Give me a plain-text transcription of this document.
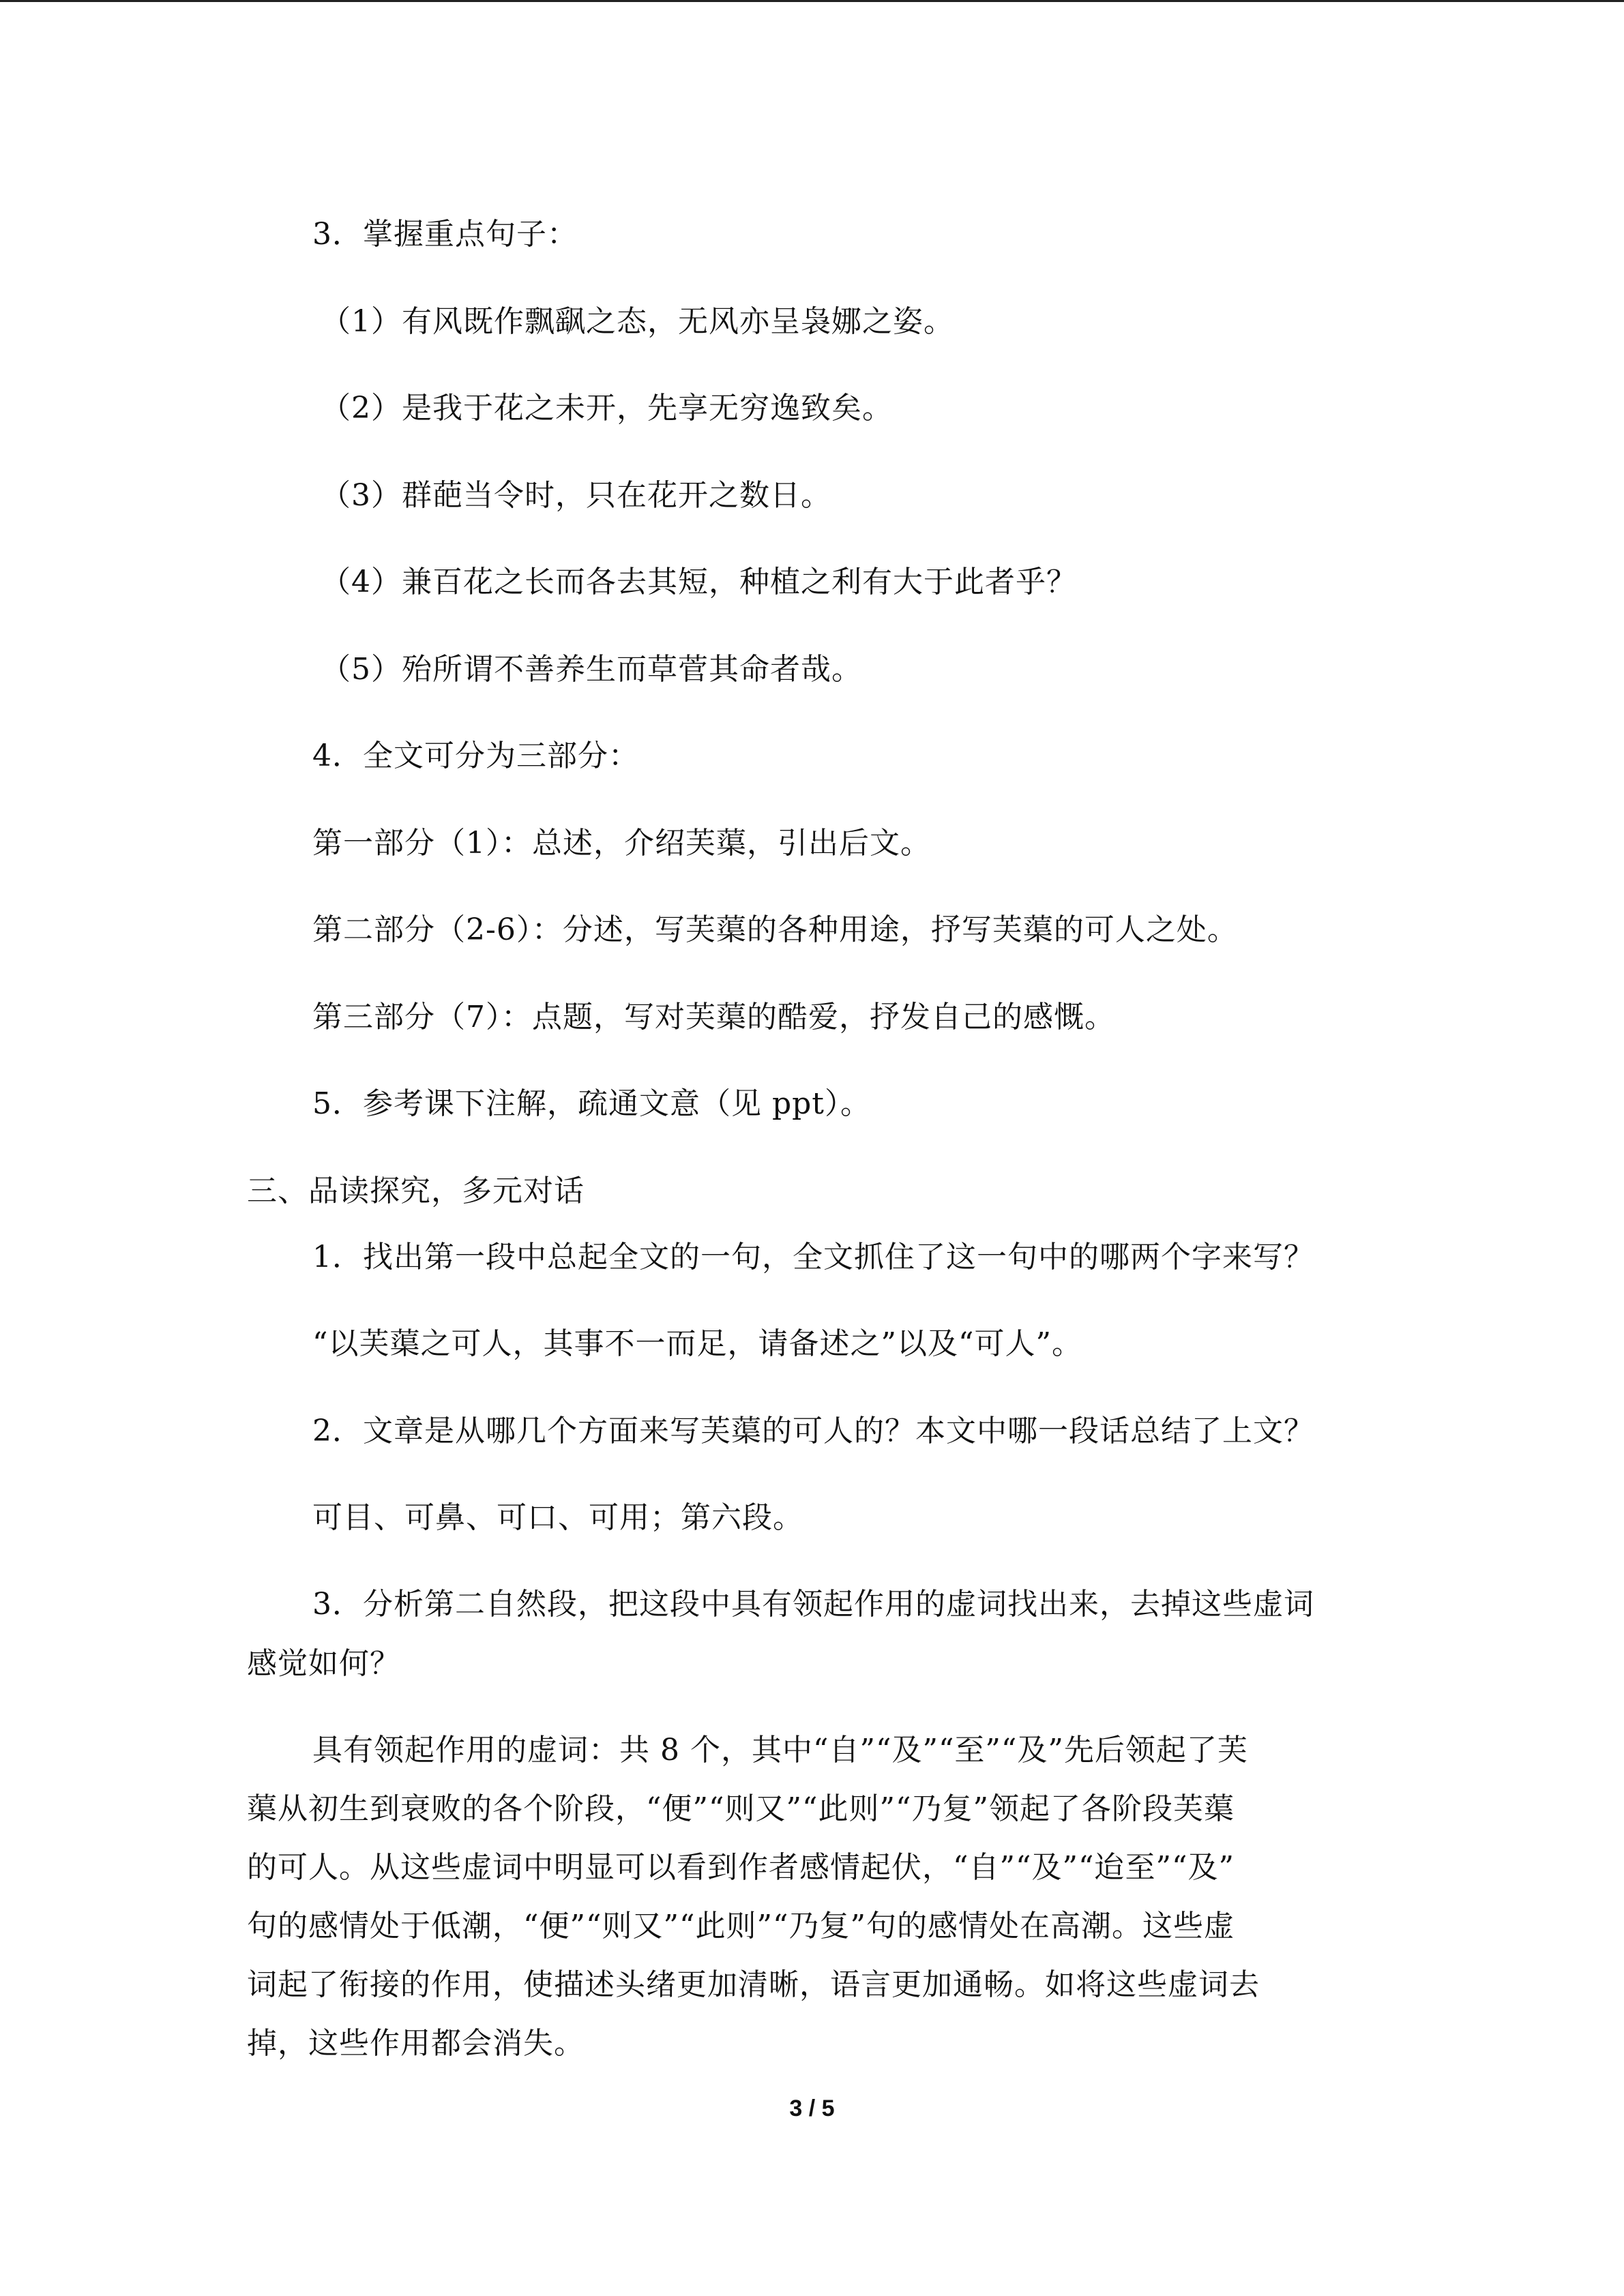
3．掌握重点句子：
（1）有风既作飘飖之态，无风亦呈袅娜之姿。
（2）是我于花之未开，先享无穷逸致矣。
（3）群葩当令时，只在花开之数日。
（4）兼百花之长而各去其短，种植之利有大于此者乎？
（5）殆所谓不善养生而草菅其命者哉。
4．全文可分为三部分：
第一部分（1）：总述，介绍芙蕖，引出后文。
第二部分（2-6）：分述，写芙蕖的各种用途，抒写芙蕖的可人之处。
第三部分（7）：点题，写对芙蕖的酷爱，抒发自己的感慨。
5．参考课下注解，疏通文意（见 ppt）。
三、品读探究，多元对话
1．找出第一段中总起全文的一句，全文抓住了这一句中的哪两个字来写？
“以芙蕖之可人，其事不一而足，请备述之”以及“可人”。
2．文章是从哪几个方面来写芙蕖的可人的？本文中哪一段话总结了上文？
可目、可鼻、可口、可用；第六段。
3．分析第二自然段，把这段中具有领起作用的虚词找出来，去掉这些虚词
感觉如何？
具有领起作用的虚词：共 8 个，其中“自”“及”“至”“及”先后领起了芙
蕖从初生到衰败的各个阶段，“便”“则又”“此则”“乃复”领起了各阶段芙蕖
的可人。从这些虚词中明显可以看到作者感情起伏，“自”“及”“迨至”“及”
句的感情处于低潮，“便”“则又”“此则”“乃复”句的感情处在高潮。这些虚
词起了衔接的作用，使描述头绪更加清晰，语言更加通畅。如将这些虚词去
掉，这些作用都会消失。
3 / 5
